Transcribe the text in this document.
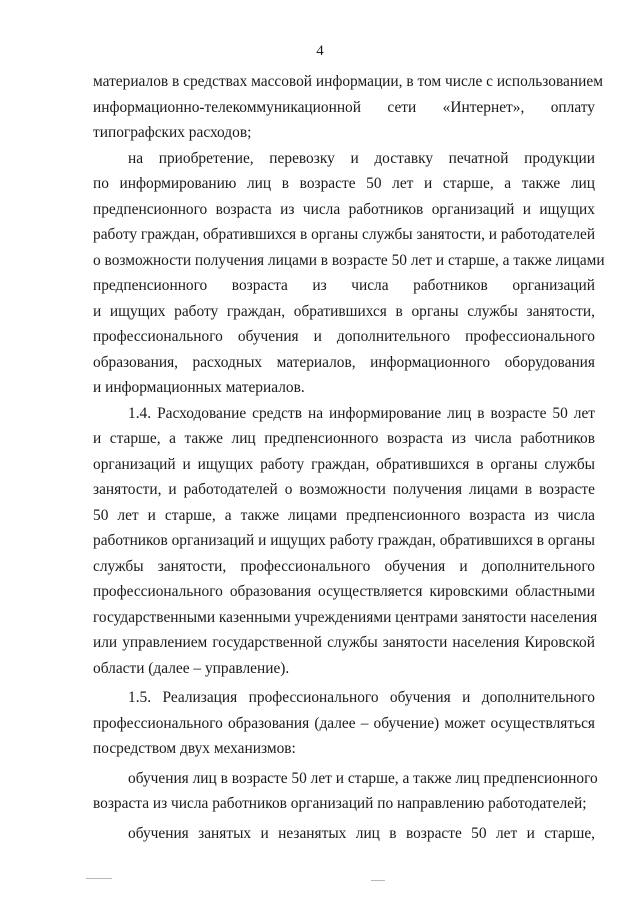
4
материалов в средствах массовой информации, в том числе с использованием
информационно-телекоммуникационной сети «Интернет», оплату
типографских расходов;
на приобретение, перевозку и доставку печатной продукции
по информированию лиц в возрасте 50 лет и старше, а также лиц
предпенсионного возраста из числа работников организаций и ищущих
работу граждан, обратившихся в органы службы занятости, и работодателей
о возможности получения лицами в возрасте 50 лет и старше, а также лицами
предпенсионного возраста из числа работников организаций
и ищущих работу граждан, обратившихся в органы службы занятости,
профессионального обучения и дополнительного профессионального
образования, расходных материалов, информационного оборудования
и информационных материалов.
1.4. Расходование средств на информирование лиц в возрасте 50 лет
и старше, а также лиц предпенсионного возраста из числа работников
организаций и ищущих работу граждан, обратившихся в органы службы
занятости, и работодателей о возможности получения лицами в возрасте
50 лет и старше, а также лицами предпенсионного возраста из числа
работников организаций и ищущих работу граждан, обратившихся в органы
службы занятости, профессионального обучения и дополнительного
профессионального образования осуществляется кировскими областными
государственными казенными учреждениями центрами занятости населения
или управлением государственной службы занятости населения Кировской
области (далее – управление).
1.5. Реализация профессионального обучения и дополнительного
профессионального образования (далее – обучение) может осуществляться
посредством двух механизмов:
обучения лиц в возрасте 50 лет и старше, а также лиц предпенсионного
возраста из числа работников организаций по направлению работодателей;
обучения занятых и незанятых лиц в возрасте 50 лет и старше,
